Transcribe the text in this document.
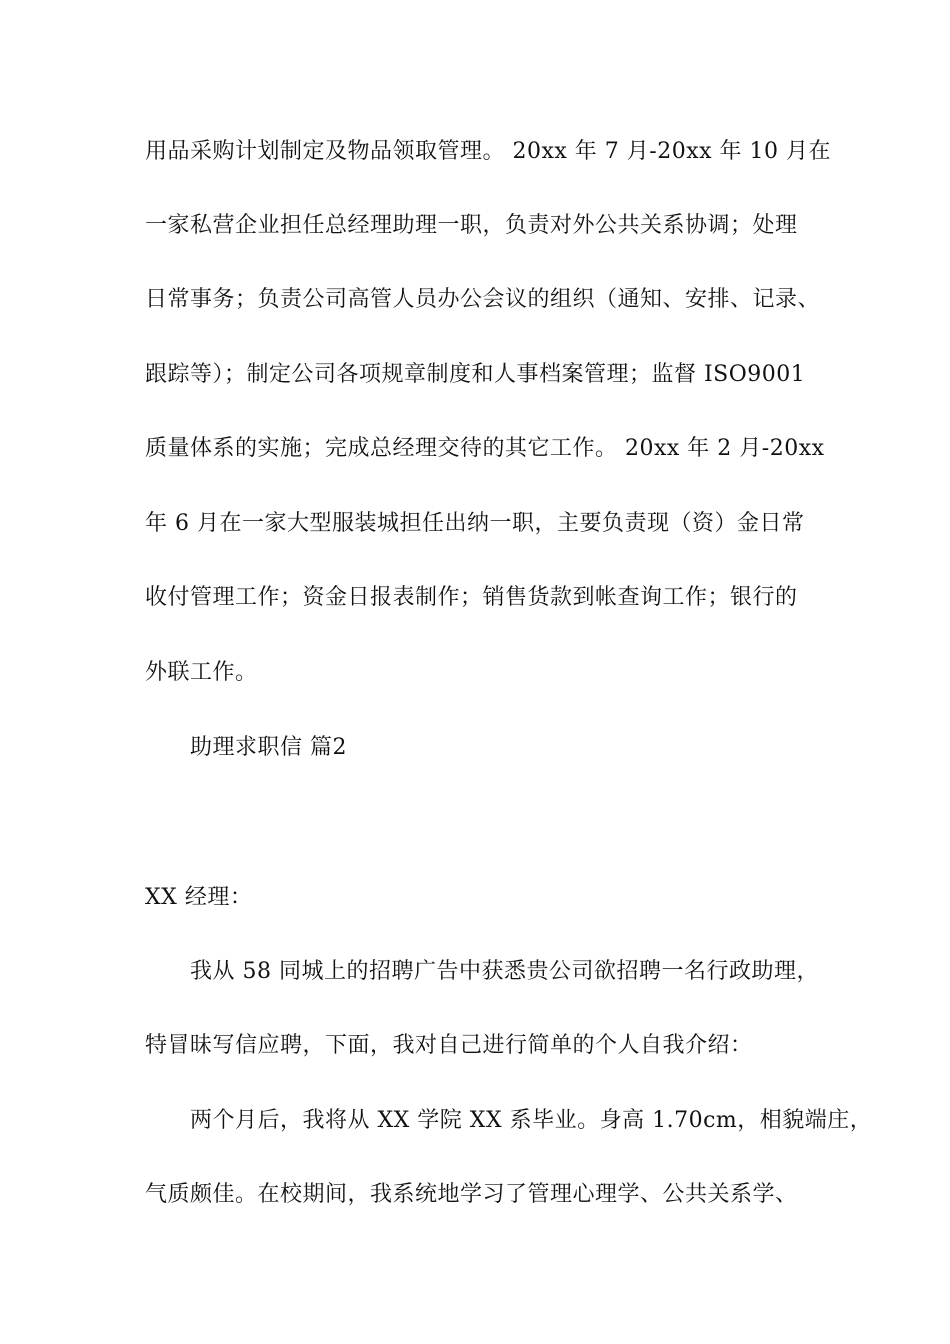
用品采购计划制定及物品领取管理。 20xx 年 7 月-20xx 年 10 月在
一家私营企业担任总经理助理一职，负责对外公共关系协调；处理
日常事务；负责公司高管人员办公会议的组织（通知、安排、记录、
跟踪等）；制定公司各项规章制度和人事档案管理；监督 ISO9001
质量体系的实施；完成总经理交待的其它工作。 20xx 年 2 月-20xx
年 6 月在一家大型服装城担任出纳一职，主要负责现（资）金日常
收付管理工作；资金日报表制作；销售货款到帐查询工作；银行的
外联工作。
助理求职信 篇2
XX 经理：
我从 58 同城上的招聘广告中获悉贵公司欲招聘一名行政助理，
特冒昧写信应聘，下面，我对自己进行简单的个人自我介绍：
两个月后，我将从 XX 学院 XX 系毕业。身高 1.70cm，相貌端庄，
气质颇佳。在校期间，我系统地学习了管理心理学、公共关系学、
